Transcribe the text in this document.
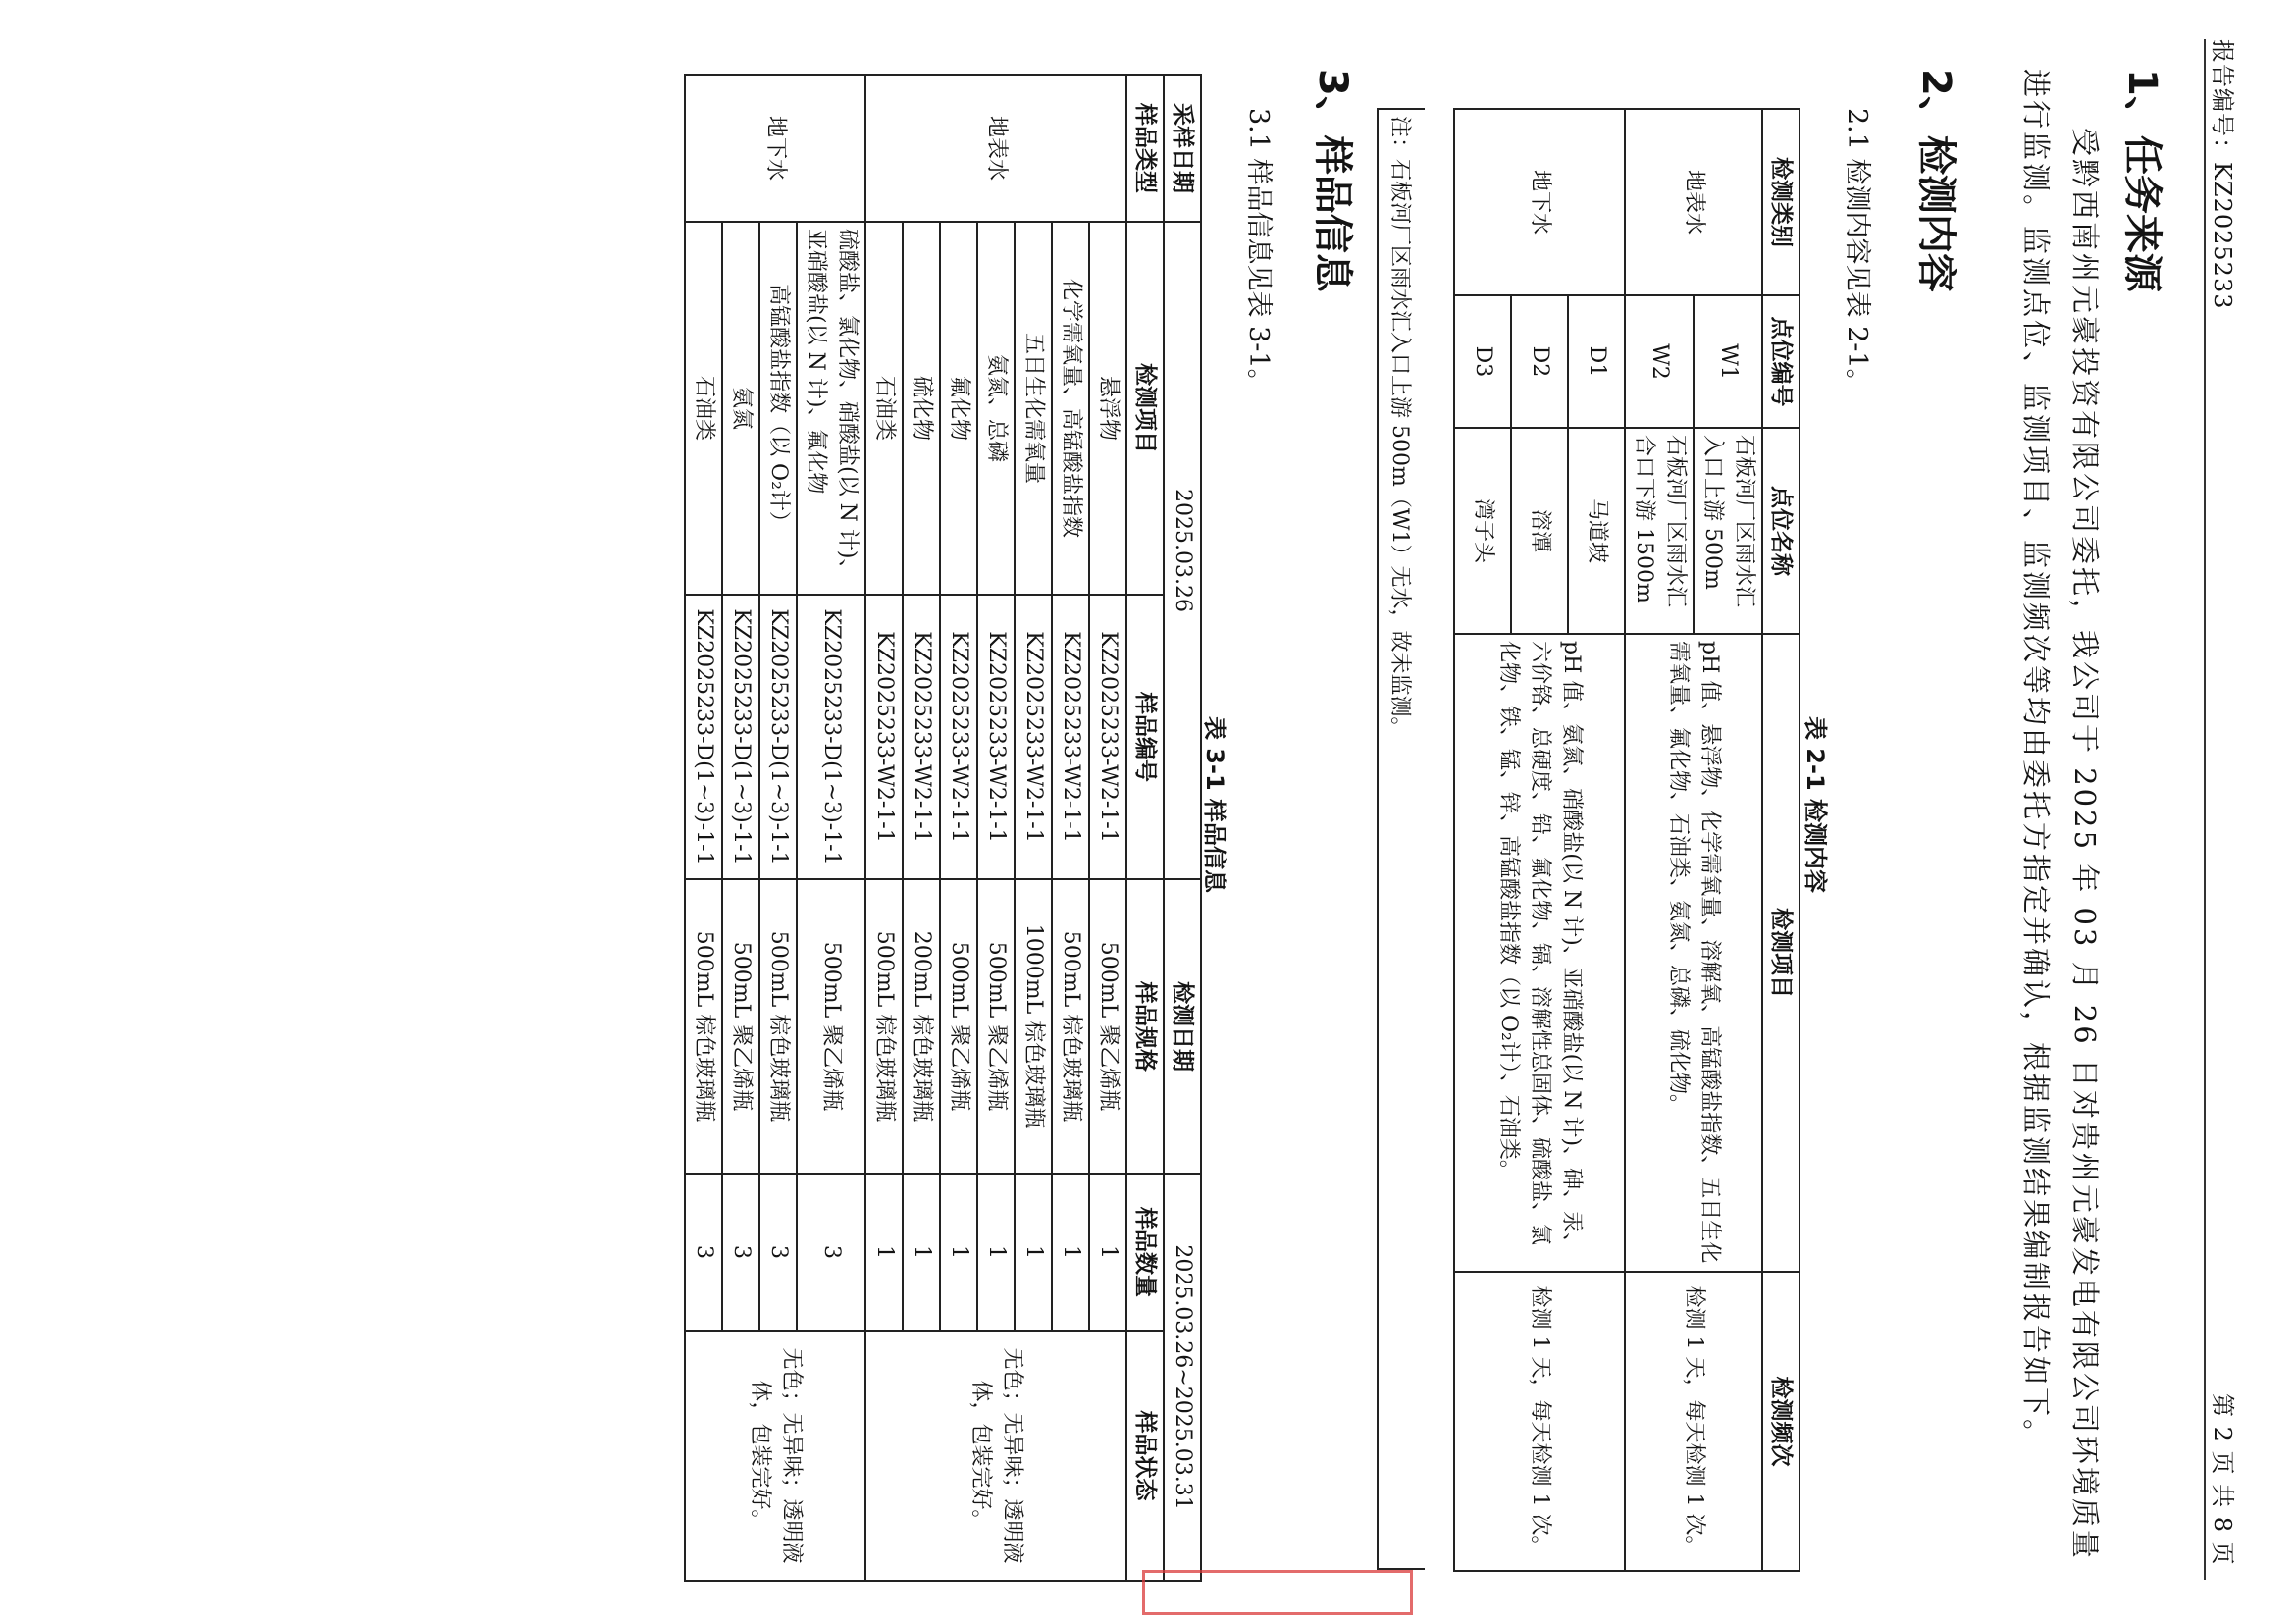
报告编号：KZ2025233
第 2 页 共 8 页
1、任务来源
受黔西南州元豪投资有限公司委托，我公司于 2025 年 03 月 26 日对贵州元豪发电有限公司环境质量进行监测。监测点位、监测项目、监测频次等均由委托方指定并确认，根据监测结果编制报告如下。
2、检测内容
2.1 检测内容见表 2-1。
表 2-1 检测内容
检测类别	点位编号	点位名称	检测项目	检测频次
地表水	W1	石板河厂区雨水汇入口上游 500m	pH 值、悬浮物、化学需氧量、溶解氧、高锰酸盐指数、五日生化需氧量、氟化物、石油类、氨氮、总磷、硫化物。	检测 1 天，每天检测 1 次。
	W2	石板河厂区雨水汇合口下游 1500m		
地下水	D1	马道坡	pH 值、氨氮、硝酸盐(以 N 计)、亚硝酸盐(以 N 计)、砷、汞、六价铬、总硬度、铅、氟化物、镉、溶解性总固体、硫酸盐、氯化物、铁、锰、锌、高锰酸盐指数（以 O₂计）、石油类。	检测 1 天，每天检测 1 次。
	D2	溶潭		
	D3	湾子头		
注：石板河厂区雨水汇入口上游 500m（W1）无水，故未监测。
3、样品信息
3.1 样品信息见表 3-1。
表 3-1 样品信息
采样日期	2025.03.26		检测日期	2025.03.26~2025.03.31	
样品类型	检测项目	样品编号	样品规格	样品数量	样品状态
地表水	悬浮物	KZ2025233-W2-1-1	500mL 聚乙烯瓶	1	无色；无异味；透明液体，包装完好。
	化学需氧量、高锰酸盐指数	KZ2025233-W2-1-1	500mL 棕色玻璃瓶	1	
	五日生化需氧量	KZ2025233-W2-1-1	1000mL 棕色玻璃瓶	1	
	氨氮、总磷	KZ2025233-W2-1-1	500mL 聚乙烯瓶	1	
	氟化物	KZ2025233-W2-1-1	500mL 聚乙烯瓶	1	
	硫化物	KZ2025233-W2-1-1	200mL 棕色玻璃瓶	1	
	石油类	KZ2025233-W2-1-1	500mL 棕色玻璃瓶	1	
地下水	硫酸盐、氯化物、硝酸盐(以 N 计)、亚硝酸盐(以 N 计)、氟化物	KZ2025233-D(1~3)-1-1	500mL 聚乙烯瓶	3	无色；无异味；透明液体，包装完好。
	高锰酸盐指数（以 O₂计）	KZ2025233-D(1~3)-1-1	500mL 棕色玻璃瓶	3	
	氨氮	KZ2025233-D(1~3)-1-1	500mL 聚乙烯瓶	3	
	石油类	KZ2025233-D(1~3)-1-1	500mL 棕色玻璃瓶	3	
